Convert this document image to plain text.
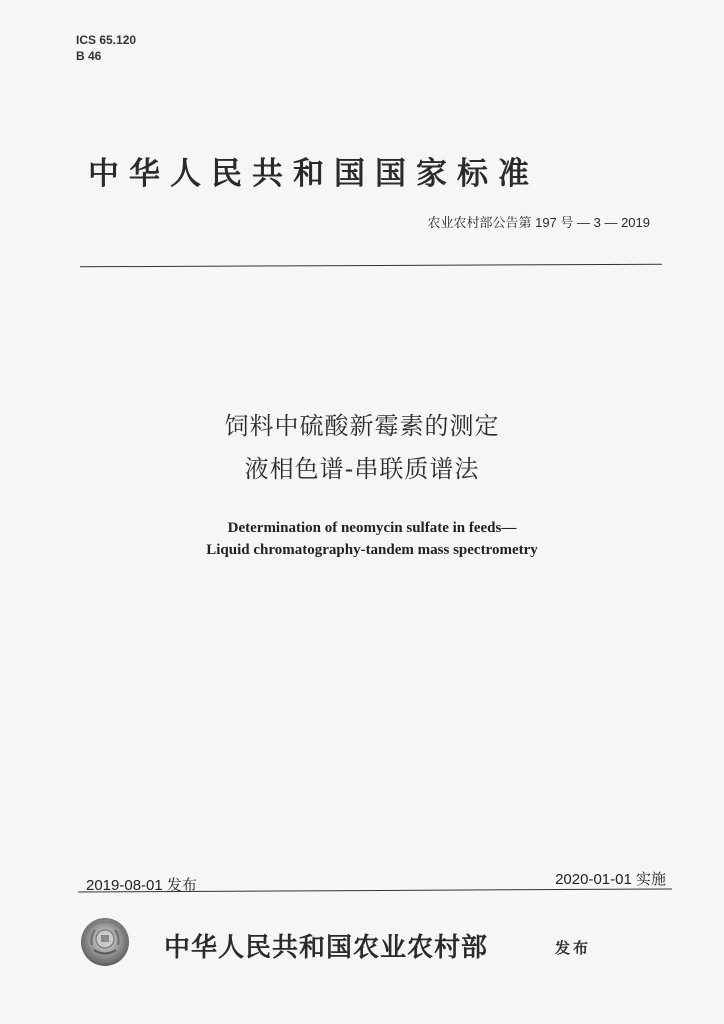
ICS 65.120
B 46
中华人民共和国国家标准
农业农村部公告第 197 号 — 3 — 2019
饲料中硫酸新霉素的测定
液相色谱-串联质谱法
Determination of neomycin sulfate in feeds—
Liquid chromatography-tandem mass spectrometry
2019-08-01 发布	2020-01-01 实施
中华人民共和国农业农村部	发布
